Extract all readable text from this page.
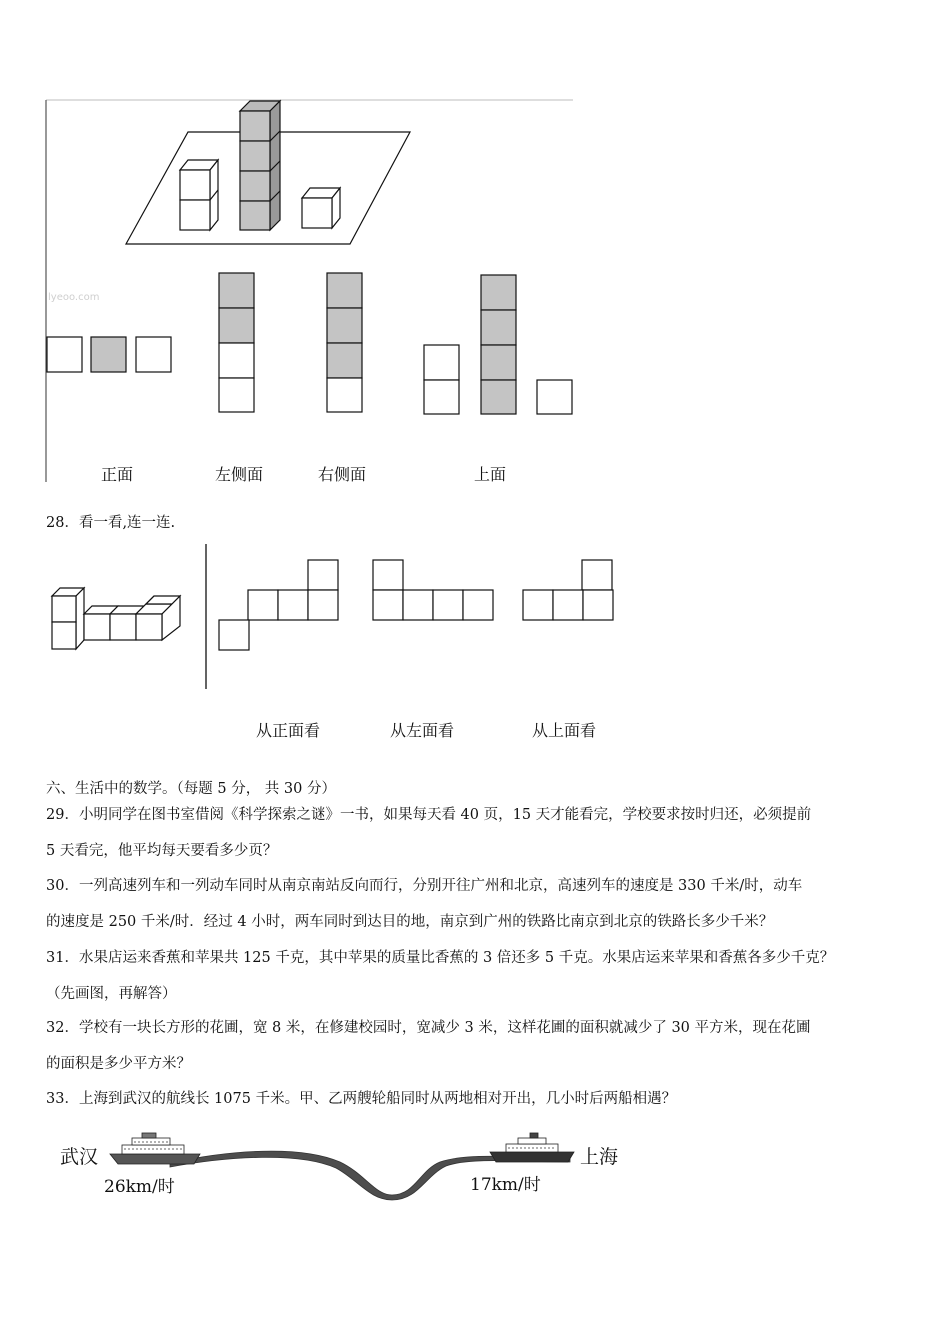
lyeoo.com
正面	左侧面	右侧面	上面
28．看一看,连一连.
从正面看	从左面看	从上面看
六、生活中的数学。（每题 5 分， 共 30 分）
29．小明同学在图书室借阅《科学探索之谜》一书，如果每天看 40 页，15 天才能看完，学校要求按时归还，必须提前
5 天看完，他平均每天要看多少页？
30．一列高速列车和一列动车同时从南京南站反向而行，分别开往广州和北京，高速列车的速度是 330 千米/时，动车
的速度是 250 千米/时．经过 4 小时，两车同时到达目的地，南京到广州的铁路比南京到北京的铁路长多少千米？
31．水果店运来香蕉和苹果共 125 千克，其中苹果的质量比香蕉的 3 倍还多 5 千克。水果店运来苹果和香蕉各多少千克？
（先画图，再解答）
32．学校有一块长方形的花圃，宽 8 米，在修建校园时，宽减少 3 米，这样花圃的面积就减少了 30 平方米，现在花圃
的面积是多少平方米？
33．上海到武汉的航线长 1075 千米。甲、乙两艘轮船同时从两地相对开出，几小时后两船相遇？
武汉
26km/时
上海
17km/时
